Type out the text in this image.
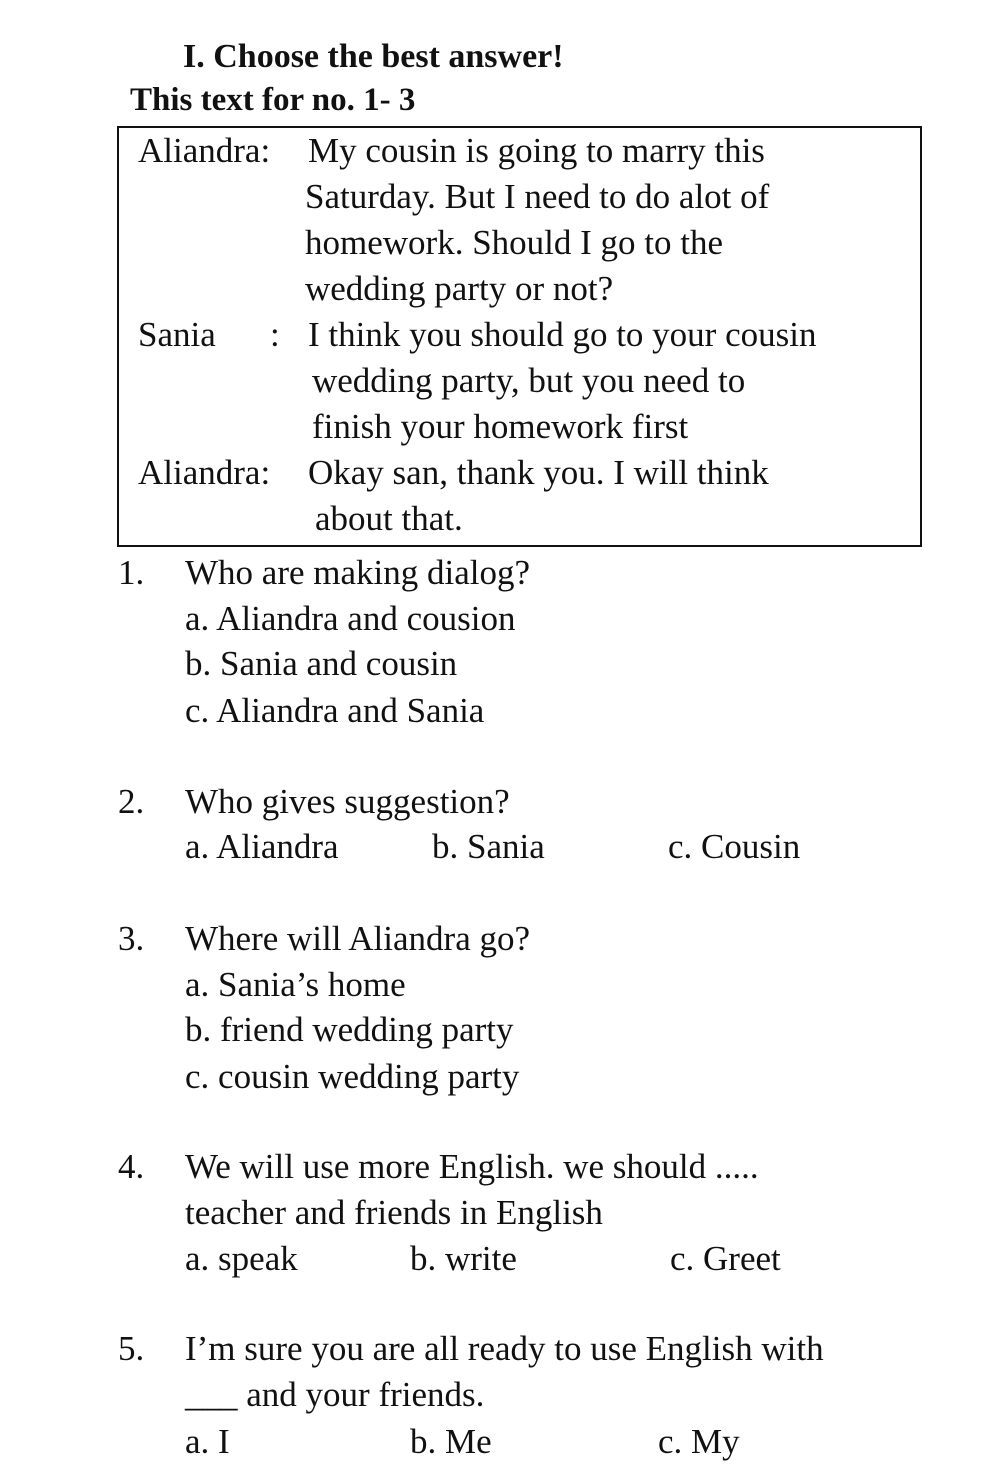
I. Choose the best answer!
This text for no. 1- 3
Aliandra: My cousin is going to marry this
Saturday. But I need to do alot of
homework. Should I go to the
wedding party or not?
Sania : I think you should go to your cousin
wedding party, but you need to
finish your homework first
Aliandra: Okay san, thank you. I will think
about that.
1. Who are making dialog?
a. Aliandra and cousion
b. Sania and cousin
c. Aliandra and Sania
2. Who gives suggestion?
a. Aliandra	b. Sania	c. Cousin
3. Where will Aliandra go?
a. Sania’s home
b. friend wedding party
c. cousin wedding party
4. We will use more English. we should .....
teacher and friends in English
a. speak	b. write	c. Greet
5. I’m sure you are all ready to use English with
___ and your friends.
a. I	b. Me	c. My
